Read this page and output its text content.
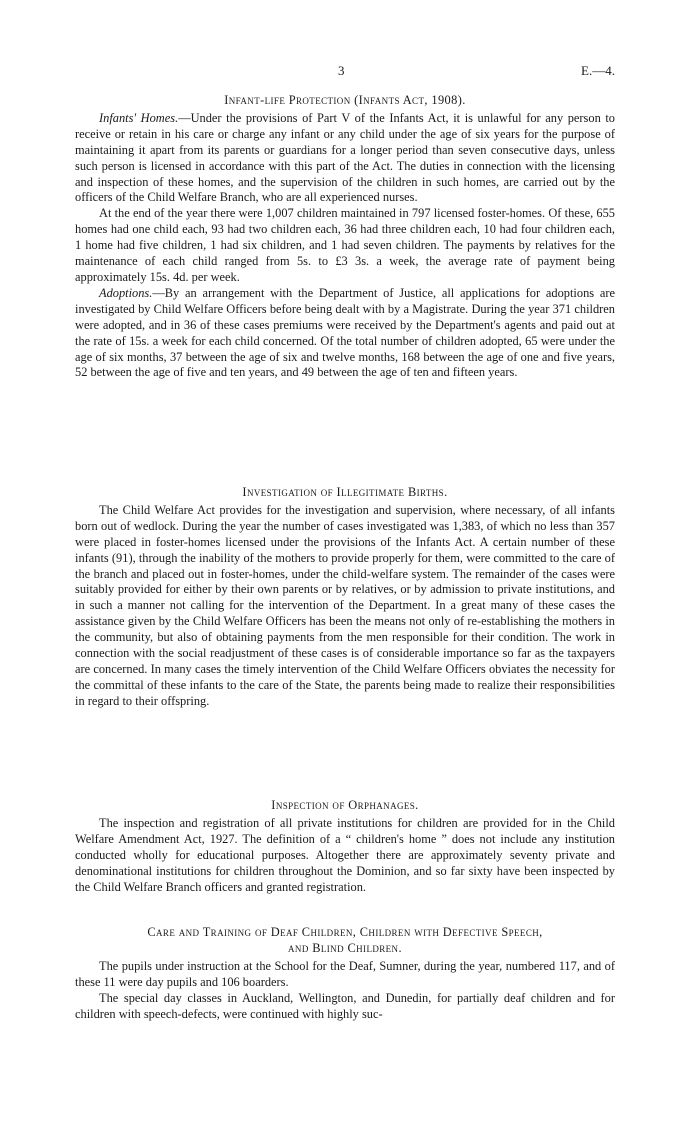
3	E.—4.
Infant-life Protection (Infants Act, 1908).

Infants' Homes.—Under the provisions of Part V of the Infants Act, it is unlawful for any person to receive or retain in his care or charge any infant or any child under the age of six years for the purpose of maintaining it apart from its parents or guardians for a longer period than seven consecutive days, unless such person is licensed in accordance with this part of the Act. The duties in connection with the licensing and inspection of these homes, and the supervision of the children in such homes, are carried out by the officers of the Child Welfare Branch, who are all experienced nurses.

At the end of the year there were 1,007 children maintained in 797 licensed foster-homes. Of these, 655 homes had one child each, 93 had two children each, 36 had three children each, 10 had four children each, 1 home had five children, 1 had six children, and 1 had seven children. The payments by relatives for the maintenance of each child ranged from 5s. to £3 3s. a week, the average rate of payment being approximately 15s. 4d. per week.

Adoptions.—By an arrangement with the Department of Justice, all applications for adoptions are investigated by Child Welfare Officers before being dealt with by a Magistrate. During the year 371 children were adopted, and in 36 of these cases premiums were received by the Department's agents and paid out at the rate of 15s. a week for each child concerned. Of the total number of children adopted, 65 were under the age of six months, 37 between the age of six and twelve months, 168 between the age of one and five years, 52 between the age of five and ten years, and 49 between the age of ten and fifteen years.

Investigation of Illegitimate Births.

The Child Welfare Act provides for the investigation and supervision, where necessary, of all infants born out of wedlock. During the year the number of cases investigated was 1,383, of which no less than 357 were placed in foster-homes licensed under the provisions of the Infants Act. A certain number of these infants (91), through the inability of the mothers to provide properly for them, were committed to the care of the branch and placed out in foster-homes, under the child-welfare system. The remainder of the cases were suitably provided for either by their own parents or by relatives, or by admission to private institutions, and in such a manner not calling for the intervention of the Department. In a great many of these cases the assistance given by the Child Welfare Officers has been the means not only of re-establishing the mothers in the community, but also of obtaining payments from the men responsible for their condition. The work in connection with the social readjustment of these cases is of considerable importance so far as the taxpayers are concerned. In many cases the timely intervention of the Child Welfare Officers obviates the necessity for the committal of these infants to the care of the State, the parents being made to realize their responsibilities in regard to their offspring.

Inspection of Orphanages.

The inspection and registration of all private institutions for children are provided for in the Child Welfare Amendment Act, 1927. The definition of a “ children's home ” does not include any institution conducted wholly for educational purposes. Altogether there are approximately seventy private and denominational institutions for children throughout the Dominion, and so far sixty have been inspected by the Child Welfare Branch officers and granted registration.

Care and Training of Deaf Children, Children with Defective Speech,
and Blind Children.

The pupils under instruction at the School for the Deaf, Sumner, during the year, numbered 117, and of these 11 were day pupils and 106 boarders.

The special day classes in Auckland, Wellington, and Dunedin, for partially deaf children and for children with speech-defects, were continued with highly suc-
